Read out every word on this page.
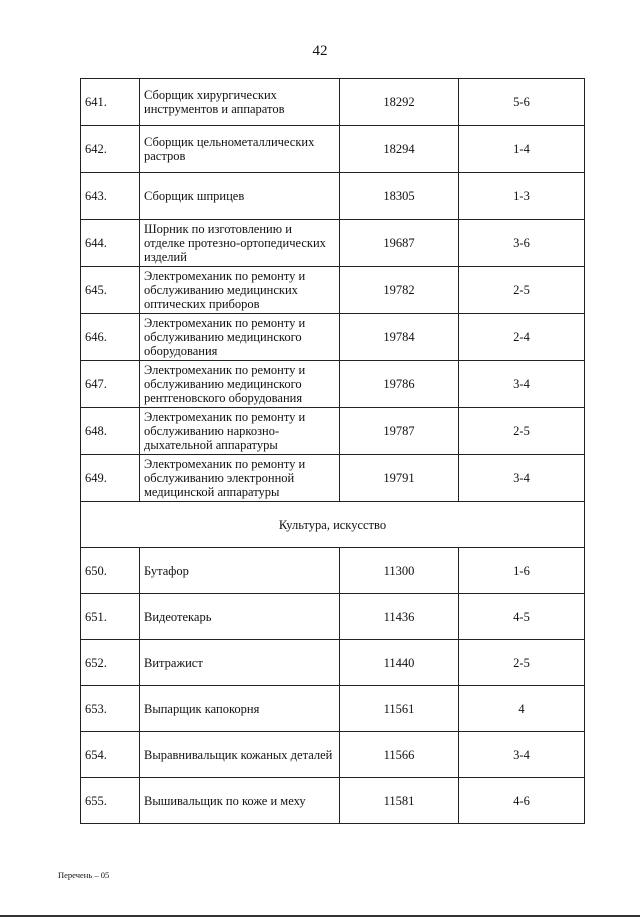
42
641.	Сборщик хирургических инструментов и аппаратов	18292	5-6
642.	Сборщик цельнометаллических растров	18294	1-4
643.	Сборщик шприцев	18305	1-3
644.	Шорник по изготовлению и отделке протезно-ортопедических изделий	19687	3-6
645.	Электромеханик по ремонту и обслуживанию медицинских оптических приборов	19782	2-5
646.	Электромеханик по ремонту и обслуживанию медицинского оборудования	19784	2-4
647.	Электромеханик по ремонту и обслуживанию медицинского рентгеновского оборудования	19786	3-4
648.	Электромеханик по ремонту и обслуживанию наркозно-дыхательной аппаратуры	19787	2-5
649.	Электромеханик по ремонту и обслуживанию электронной медицинской аппаратуры	19791	3-4
Культура, искусство			
650.	Бутафор	11300	1-6
651.	Видеотекарь	11436	4-5
652.	Витражист	11440	2-5
653.	Выпарщик капокорня	11561	4
654.	Выравнивальщик кожаных деталей	11566	3-4
655.	Вышивальщик по коже и меху	11581	4-6
Перечень – 05
